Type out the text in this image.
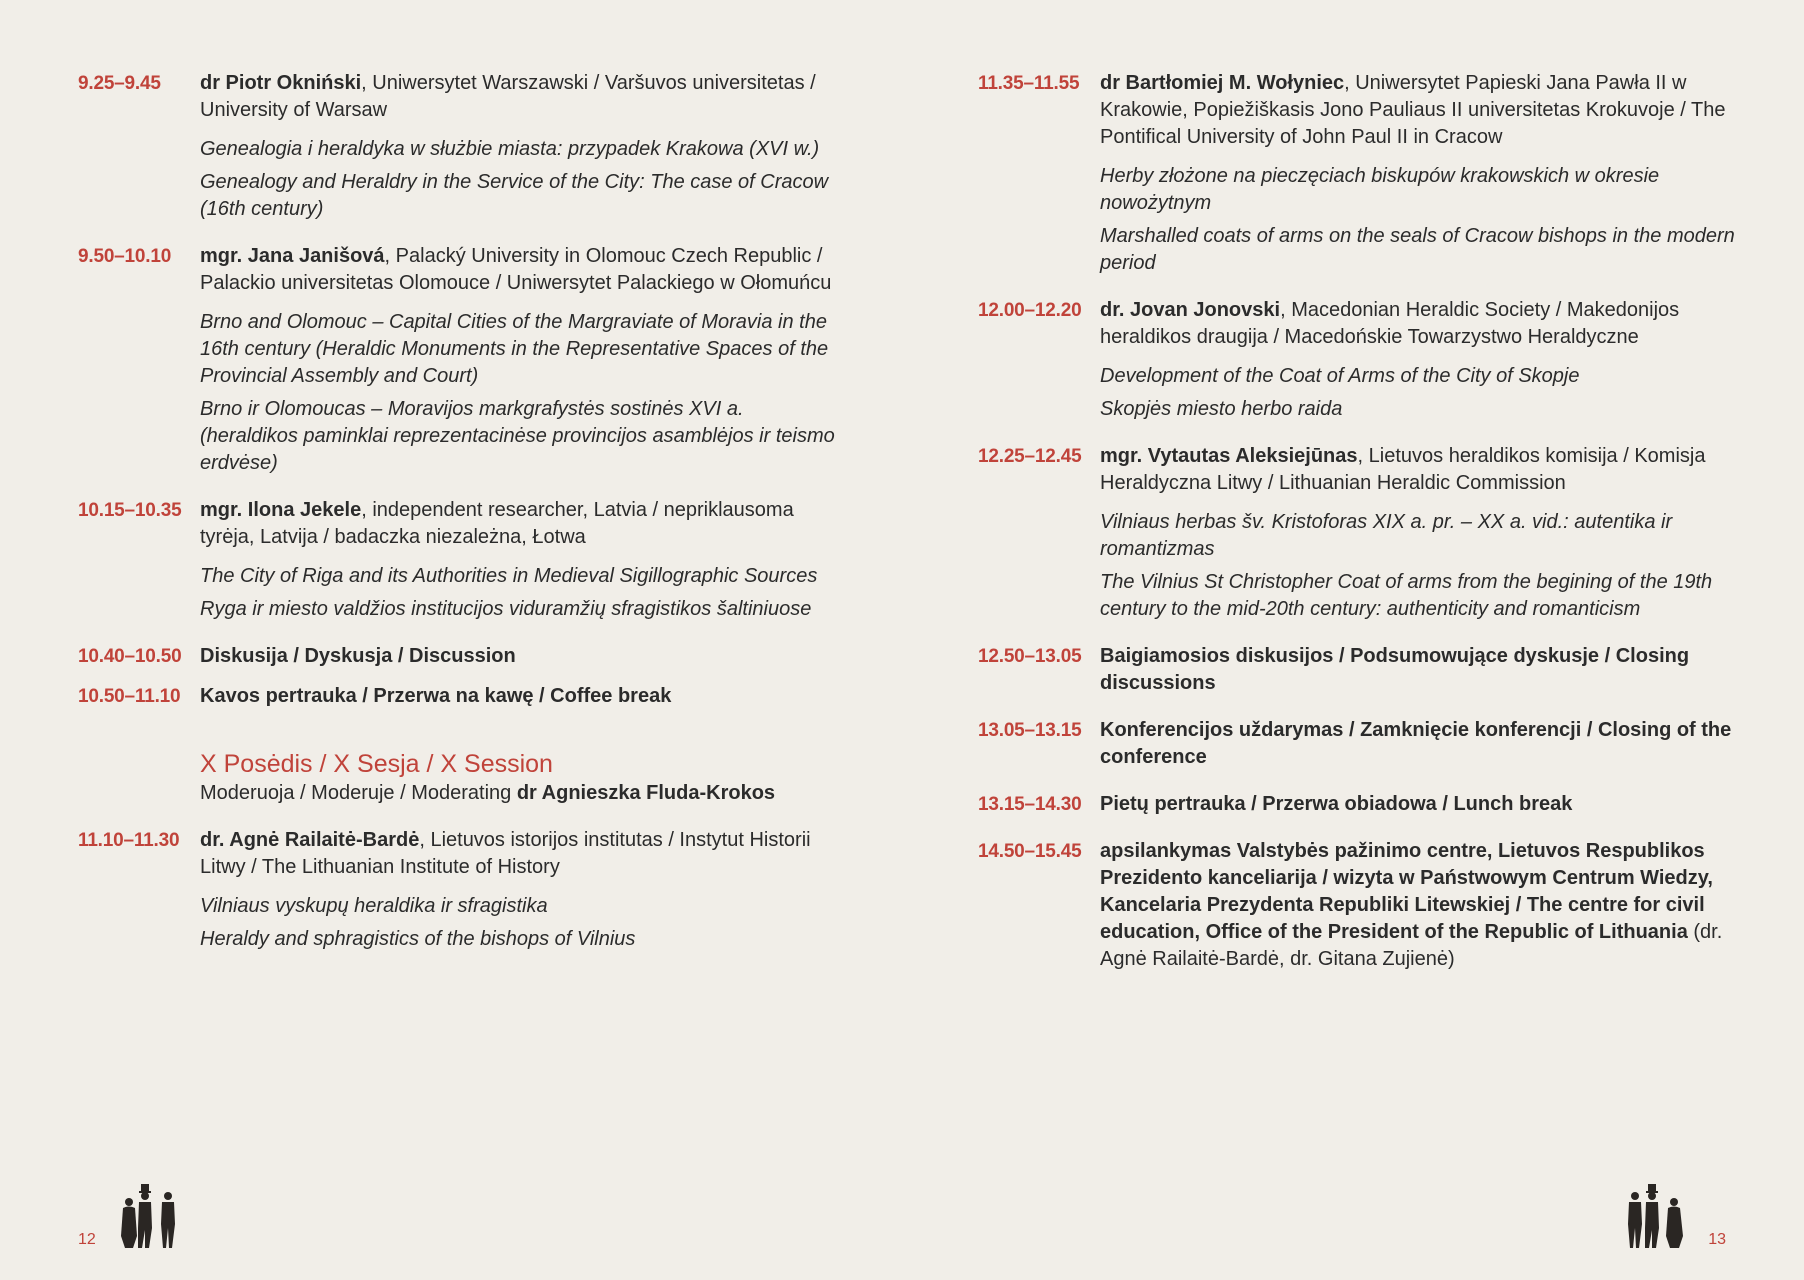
9.25–9.45	dr Piotr Okniński, Uniwersytet Warszawski / Varšuvos universitetas / University of Warsaw

Genealogia i heraldyka w służbie miasta: przypadek Krakowa (XVI w.)

Genealogy and Heraldry in the Service of the City: The case of Cracow (16th century)

9.50–10.10	mgr. Jana Janišová, Palacký University in Olomouc Czech Republic / Palackio universitetas Olomouce / Uniwersytet Palackiego w Ołomuńcu

Brno and Olomouc – Capital Cities of the Margraviate of Moravia in the 16th century (Heraldic Monuments in the Representative Spaces of the Provincial Assembly and Court)

Brno ir Olomoucas – Moravijos markgrafystės sostinės XVI a. (heraldikos paminklai reprezentacinėse provincijos asamblėjos ir teismo erdvėse)

10.15–10.35 mgr. Ilona Jekele, independent researcher, Latvia / nepriklausoma tyrėja, Latvija / badaczka niezależna, Łotwa

The City of Riga and its Authorities in Medieval Sigillographic Sources

Ryga ir miesto valdžios institucijos viduramžių sfragistikos šaltiniuose

10.40–10.50 Diskusija / Dyskusja / Discussion
10.50–11.10 Kavos pertrauka / Przerwa na kawę / Coffee break
X Posėdis / X Sesja / X Session
Moderuoja / Moderuje / Moderating dr Agnieszka Fluda-Krokos
11.10–11.30	dr. Agnė Railaitė-Bardė, Lietuvos istorijos institutas / Instytut Historii Litwy / The Lithuanian Institute of History

Vilniaus vyskupų heraldika ir sfragistika

Heraldy and sphragistics of the bishops of Vilnius

12
11.35–11.55	dr Bartłomiej M. Wołyniec, Uniwersytet Papieski Jana Pawła II w Krakowie, Popiežiškasis Jono Pauliaus II universitetas Krokuvoje / The Pontifical University of John Paul II in Cracow

Herby złożone na pieczęciach biskupów krakowskich w okresie nowożytnym

Marshalled coats of arms on the seals of Cracow bishops in the modern period

12.00–12.20 dr. Jovan Jonovski, Macedonian Heraldic Society / Makedonijos heraldikos draugija / Macedońskie Towarzystwo Heraldyczne

Development of the Coat of Arms of the City of Skopje

Skopjės miesto herbo raida

12.25–12.45 mgr. Vytautas Aleksiejūnas, Lietuvos heraldikos komisija / Komisja Heraldyczna Litwy / Lithuanian Heraldic Commission

Vilniaus herbas šv. Kristoforas XIX a. pr. – XX a. vid.: autentika ir romantizmas

The Vilnius St Christopher Coat of arms from the begining of the 19th century to the mid-20th century: authenticity and romanticism

12.50–13.05 Baigiamosios diskusijos / Podsumowujące dyskusje / Closing discussions
13.05–13.15 Konferencijos uždarymas / Zamknięcie konferencji / Closing of the conference
13.15–14.30 Pietų pertrauka / Przerwa obiadowa / Lunch break
14.50–15.45 apsilankymas Valstybės pažinimo centre, Lietuvos Respublikos Prezidento kanceliarija / wizyta w Państwowym Centrum Wiedzy, Kancelaria Prezydenta Republiki Litewskiej / The centre for civil education, Office of the President of the Republic of Lithuania (dr. Agnė Railaitė-Bardė, dr. Gitana Zujienė)
13
